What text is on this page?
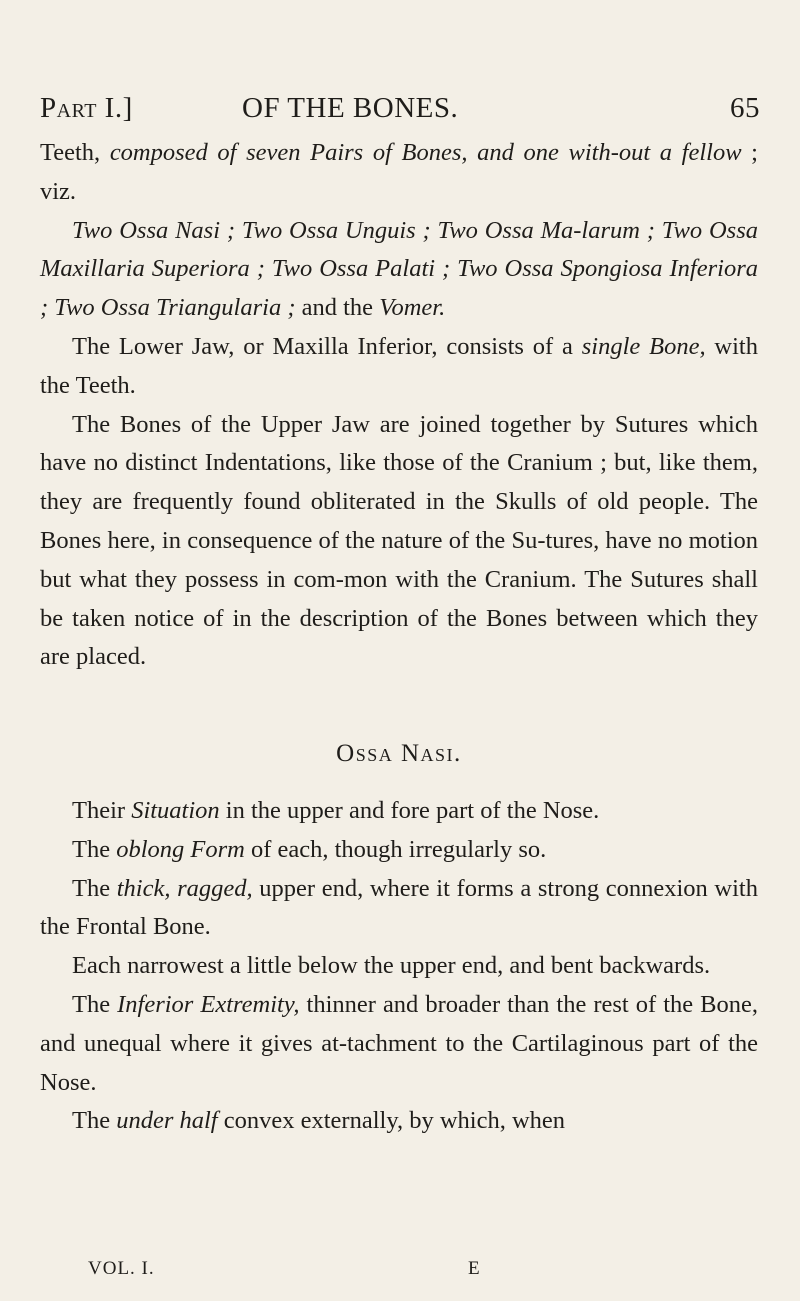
Part I.]	OF THE BONES.	65

Teeth, composed of seven Pairs of Bones, and one with-out a fellow ; viz.

Two Ossa Nasi ; Two Ossa Unguis ; Two Ossa Ma-larum ; Two Ossa Maxillaria Superiora ; Two Ossa Palati ; Two Ossa Spongiosa Inferiora ; Two Ossa Triangularia ; and the Vomer.

The Lower Jaw, or Maxilla Inferior, consists of a single Bone, with the Teeth.

The Bones of the Upper Jaw are joined together by Sutures which have no distinct Indentations, like those of the Cranium ; but, like them, they are frequently found obliterated in the Skulls of old people. The Bones here, in consequence of the nature of the Su-tures, have no motion but what they possess in com-mon with the Cranium. The Sutures shall be taken notice of in the description of the Bones between which they are placed.

Ossa Nasi.

Their Situation in the upper and fore part of the Nose.

The oblong Form of each, though irregularly so.

The thick, ragged, upper end, where it forms a strong connexion with the Frontal Bone.

Each narrowest a little below the upper end, and bent backwards.

The Inferior Extremity, thinner and broader than the rest of the Bone, and unequal where it gives at-tachment to the Cartilaginous part of the Nose.

The under half convex externally, by which, when

VOL. I.	E
